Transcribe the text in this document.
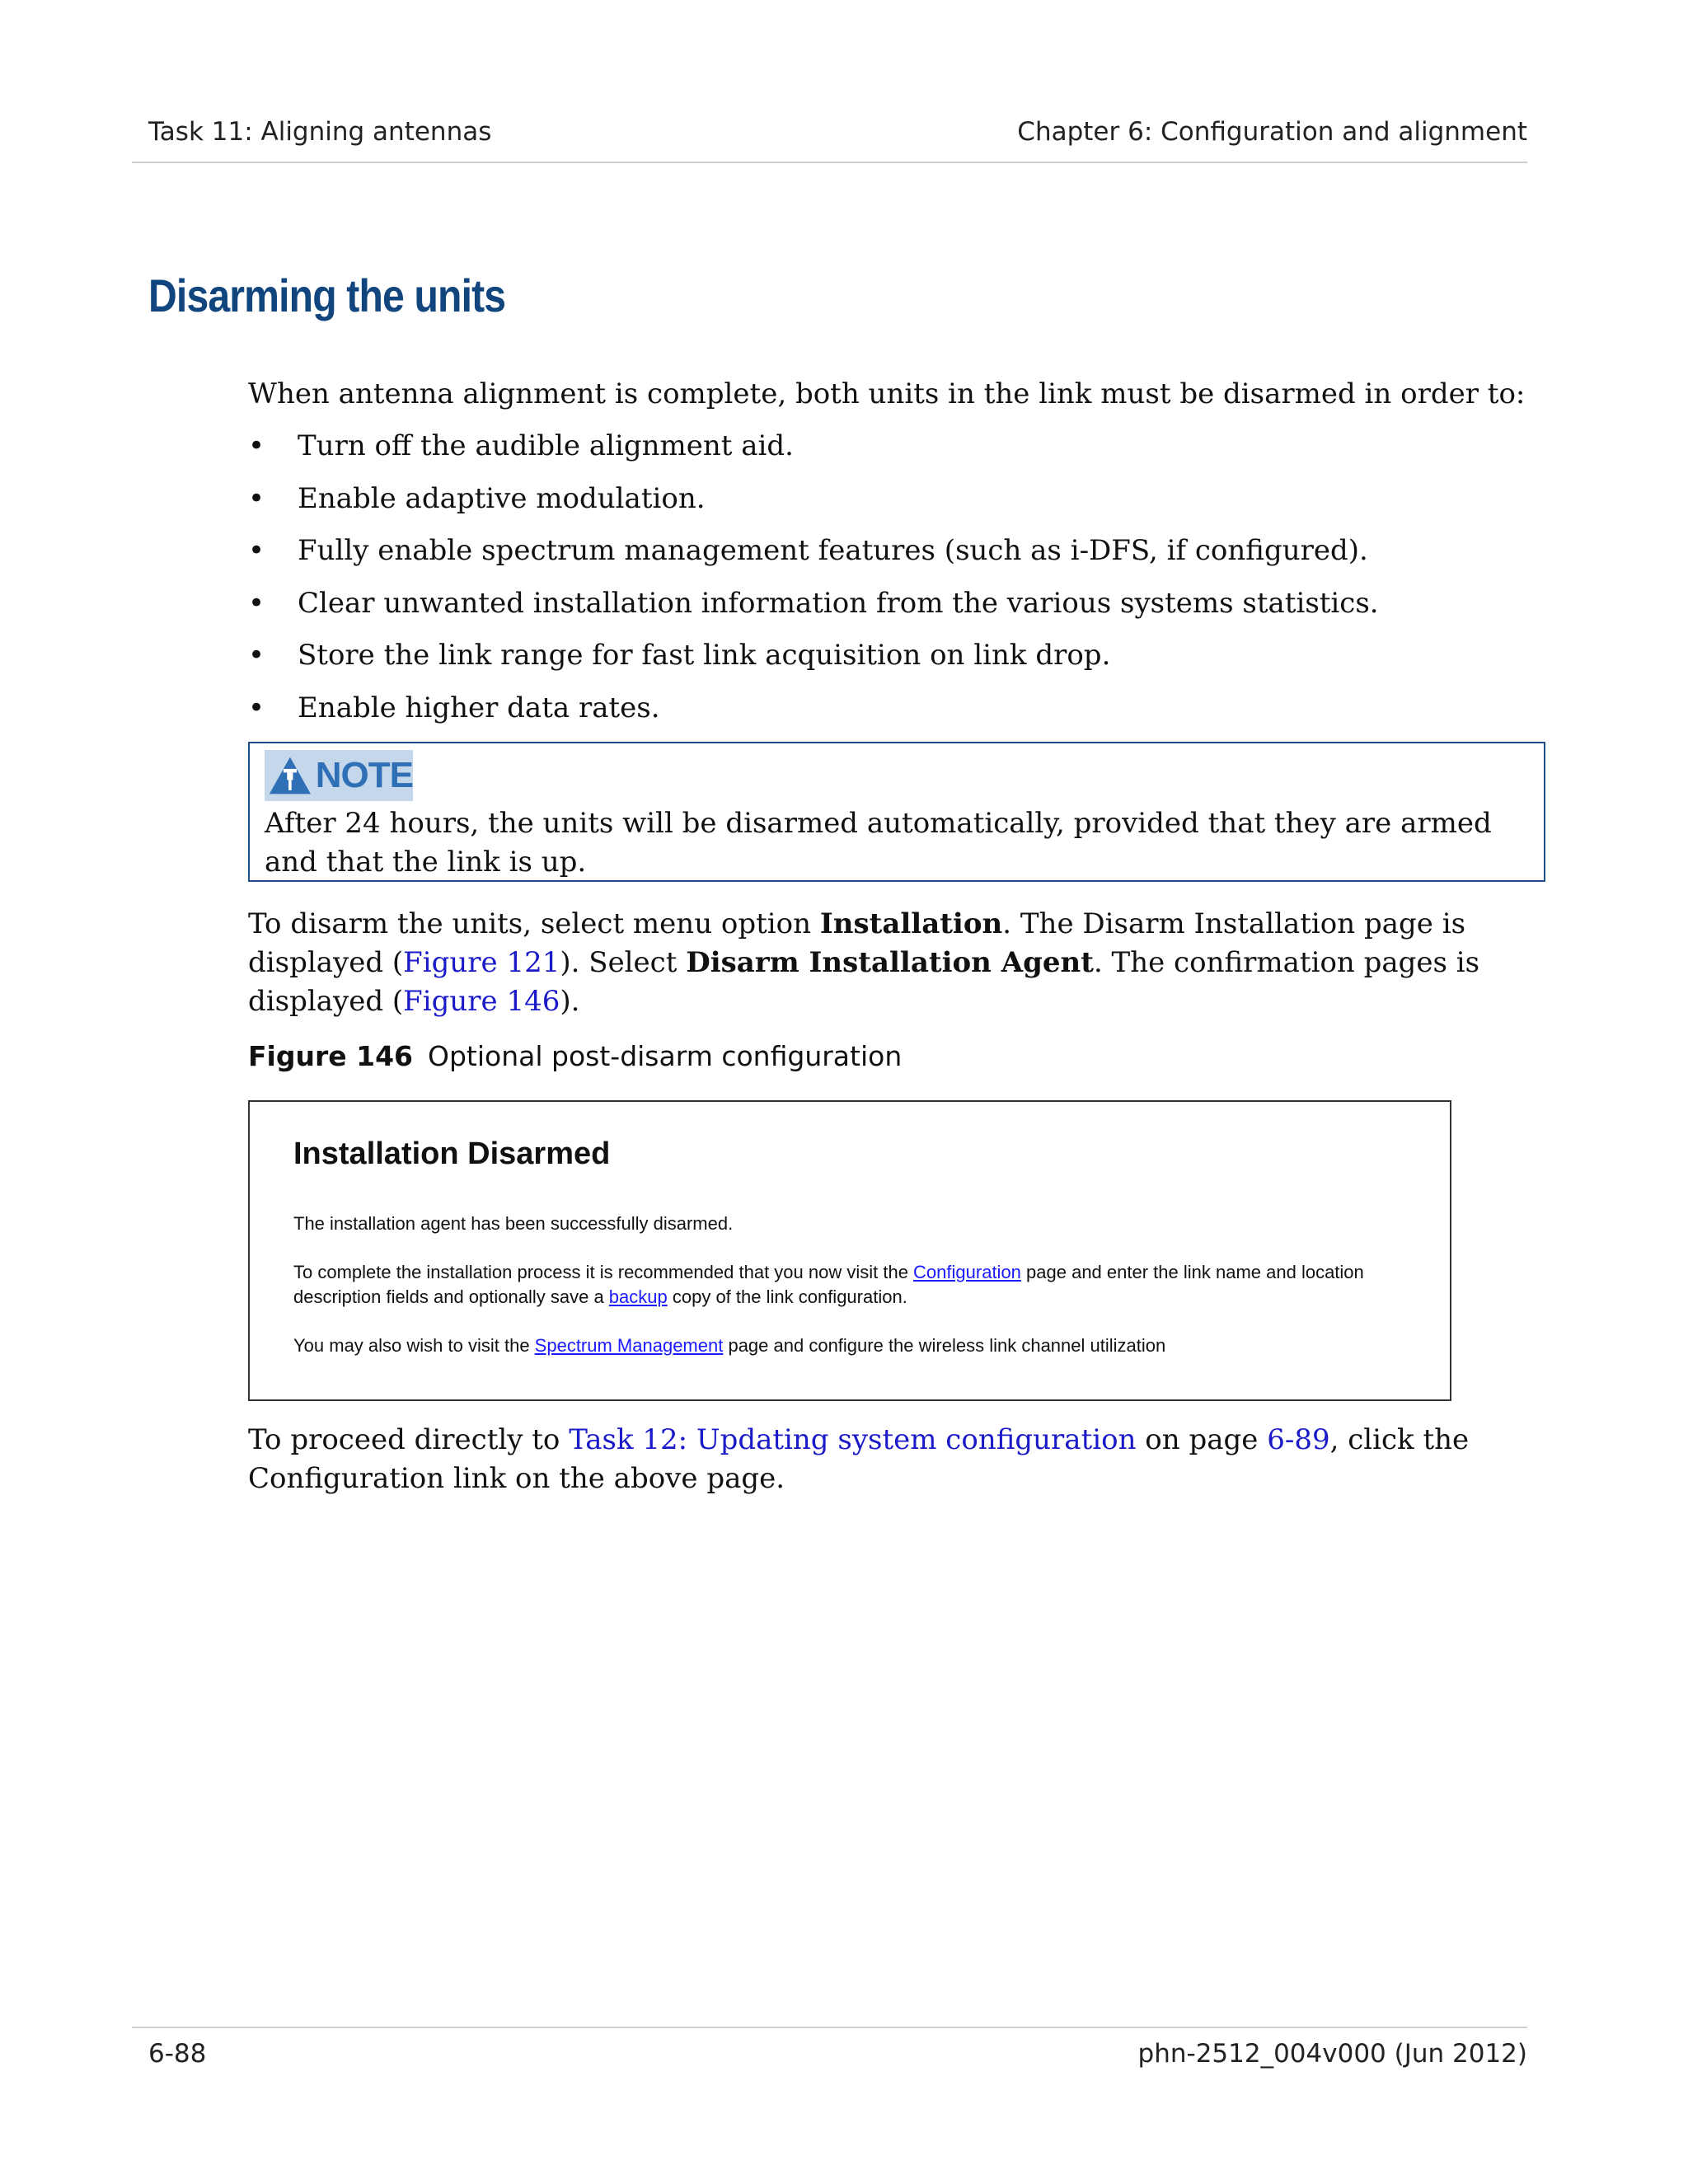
Task 11: Aligning antennas	Chapter 6: Configuration and alignment
Disarming the units
When antenna alignment is complete, both units in the link must be disarmed in order to:
• Turn off the audible alignment aid.
• Enable adaptive modulation.
• Fully enable spectrum management features (such as i-DFS, if configured).
• Clear unwanted installation information from the various systems statistics.
• Store the link range for fast link acquisition on link drop.
• Enable higher data rates.
NOTE
After 24 hours, the units will be disarmed automatically, provided that they are armed and that the link is up.
To disarm the units, select menu option Installation. The Disarm Installation page is displayed (Figure 121). Select Disarm Installation Agent. The confirmation pages is displayed (Figure 146).
Figure 146 Optional post-disarm configuration
Installation Disarmed

The installation agent has been successfully disarmed.

To complete the installation process it is recommended that you now visit the Configuration page and enter the link name and location

description fields and optionally save a backup copy of the link configuration.

You may also wish to visit the Spectrum Management page and configure the wireless link channel utilization

To proceed directly to Task 12: Updating system configuration on page 6-89, click the Configuration link on the above page.
6-88	phn-2512_004v000 (Jun 2012)
